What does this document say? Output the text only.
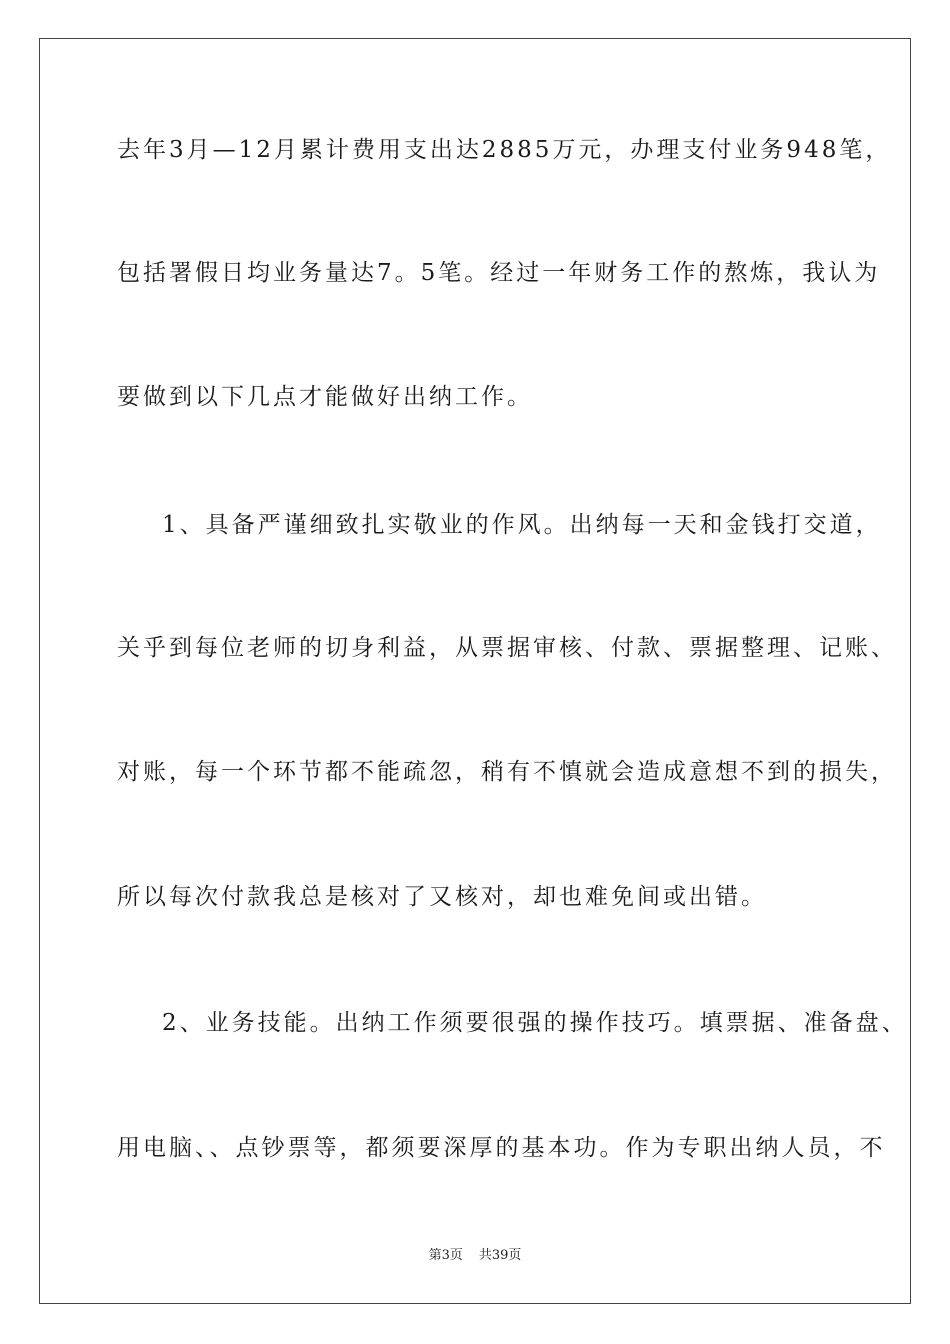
去年3月—12月累计费用支出达2885万元，办理支付业务948笔，

包括署假日均业务量达7。5笔。经过一年财务工作的熬炼，我认为

要做到以下几点才能做好出纳工作。

1、具备严谨细致扎实敬业的作风。出纳每一天和金钱打交道，

关乎到每位老师的切身利益，从票据审核、付款、票据整理、记账、

对账，每一个环节都不能疏忽，稍有不慎就会造成意想不到的损失，

所以每次付款我总是核对了又核对，却也难免间或出错。

2、业务技能。出纳工作须要很强的操作技巧。填票据、准备盘、

用电脑、、点钞票等，都须要深厚的基本功。作为专职出纳人员，不

第3页 共39页
